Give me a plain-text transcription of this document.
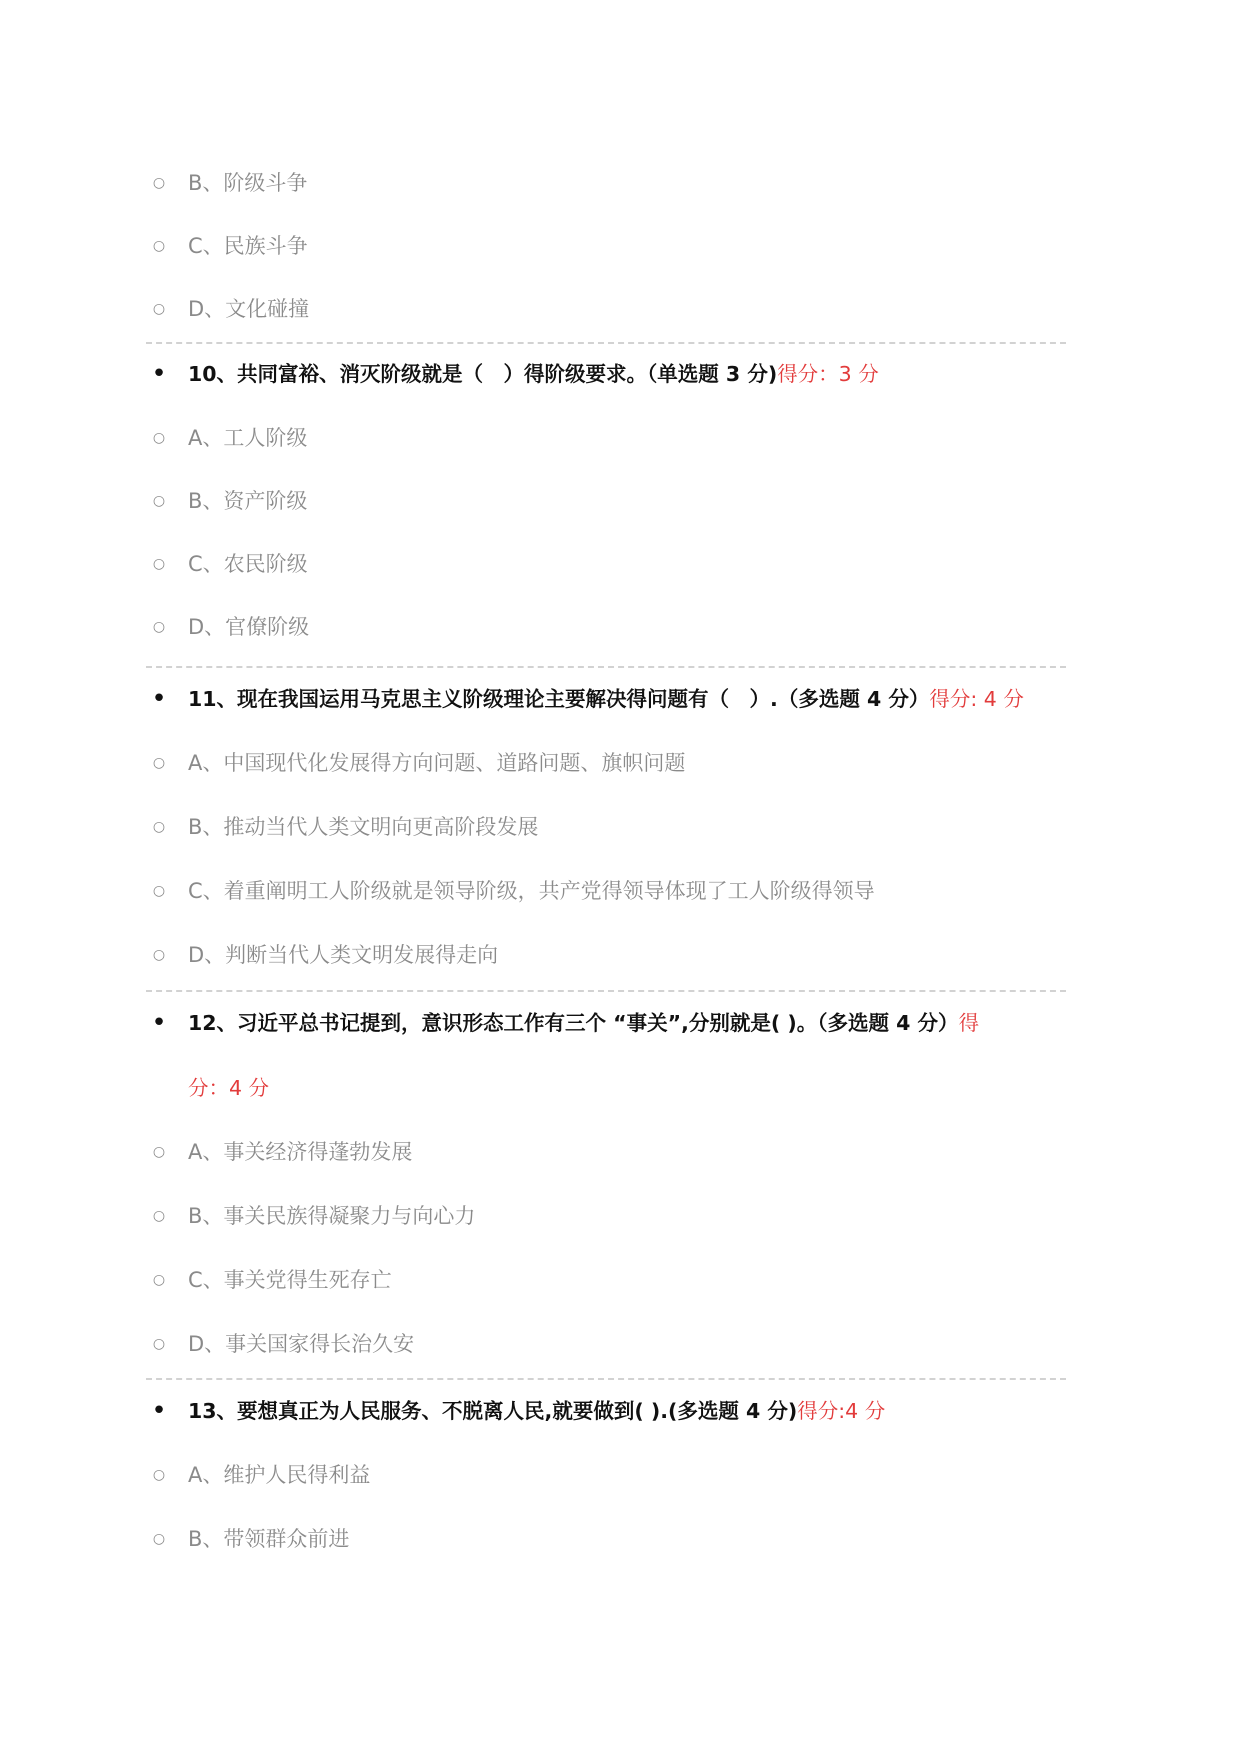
○ B、阶级斗争
○ C、民族斗争
○ D、文化碰撞
• 10、共同富裕、消灭阶级就是（　）得阶级要求。（单选题 3 分)得分：3 分
○ A、工人阶级
○ B、资产阶级
○ C、农民阶级
○ D、官僚阶级
• 11、现在我国运用马克思主义阶级理论主要解决得问题有（　）.（多选题 4 分）得分: 4 分
○ A、中国现代化发展得方向问题、道路问题、旗帜问题
○ B、推动当代人类文明向更高阶段发展
○ C、着重阐明工人阶级就是领导阶级，共产党得领导体现了工人阶级得领导
○ D、判断当代人类文明发展得走向
• 12、习近平总书记提到，意识形态工作有三个 “事关”,分别就是( )。（多选题 4 分）得
分：4 分
○ A、事关经济得蓬勃发展
○ B、事关民族得凝聚力与向心力
○ C、事关党得生死存亡
○ D、事关国家得长治久安
• 13、要想真正为人民服务、不脱离人民,就要做到( ).(多选题 4 分)得分:4 分
○ A、维护人民得利益
○ B、带领群众前进
